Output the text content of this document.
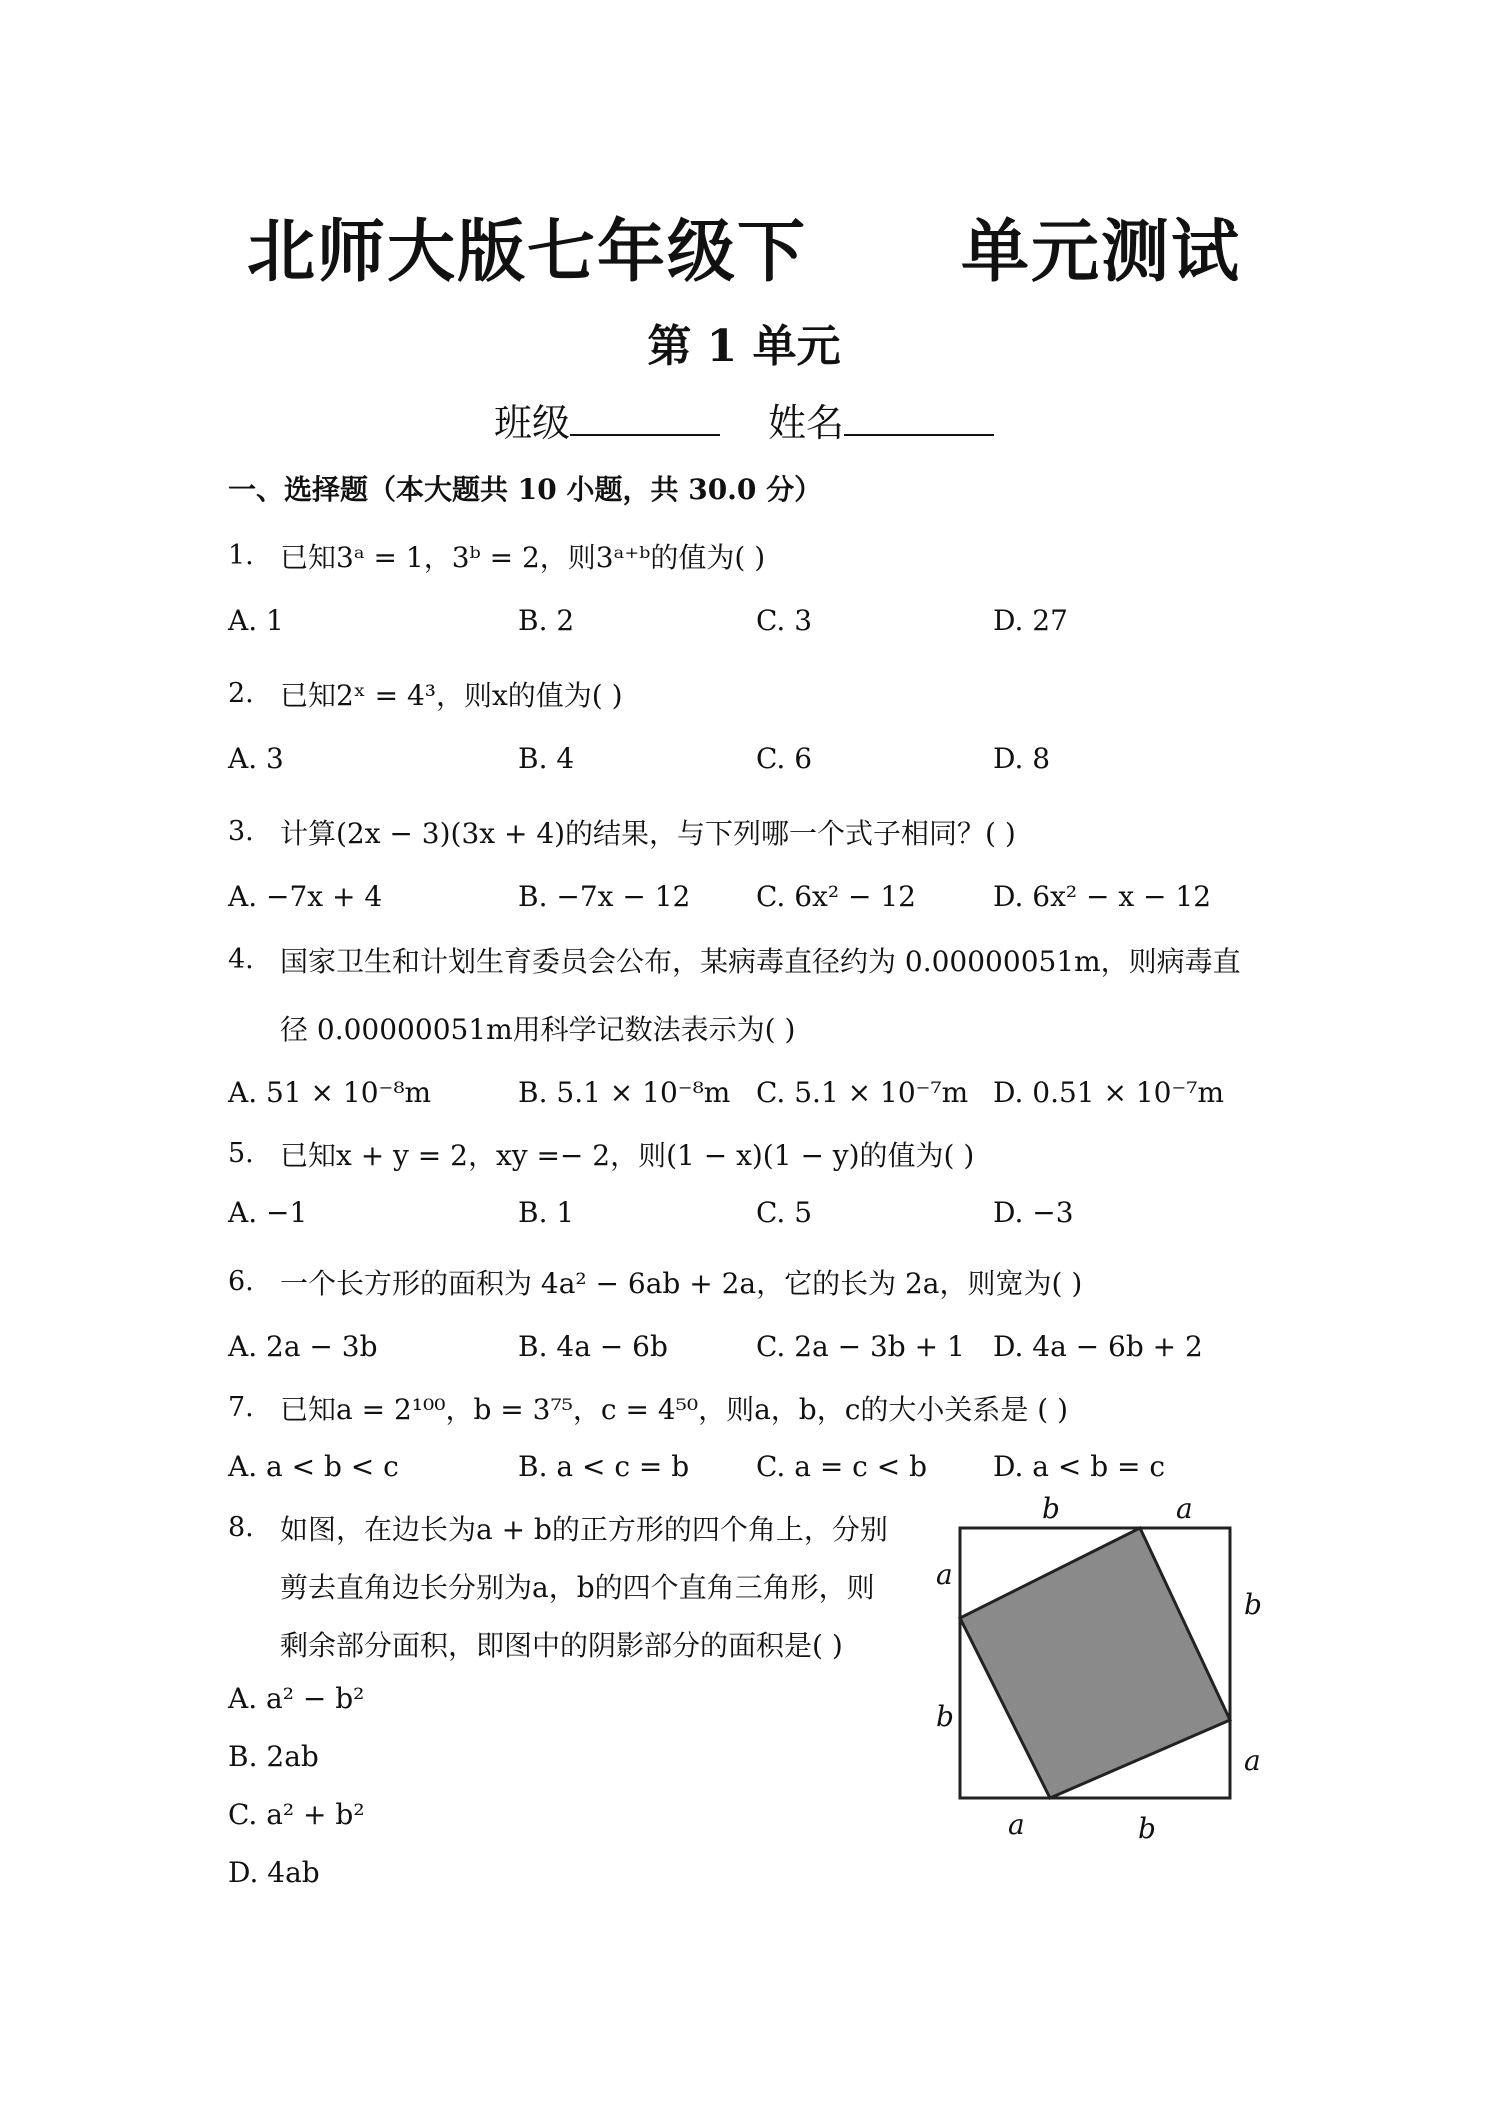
北师大版七年级下      单元测试
第 1 单元
班级	姓名
一、选择题（本大题共 10 小题，共 30.0 分）
1. 已知3ᵃ = 1，3ᵇ = 2，则3ᵃ⁺ᵇ的值为( )
A. 1	B. 2	C. 3	D. 27
2. 已知2ˣ = 4³，则x的值为( )
A. 3	B. 4	C. 6	D. 8
3. 计算(2x − 3)(3x + 4)的结果，与下列哪一个式子相同？( )
A. −7x + 4	B. −7x − 12 C. 6x² − 12	D. 6x² − x − 12
4. 国家卫生和计划生育委员会公布，某病毒直径约为 0.00000051m，则病毒直
径 0.00000051m用科学记数法表示为( )
A. 51 × 10⁻⁸m	B. 5.1 × 10⁻⁸m C. 5.1 × 10⁻⁷m D. 0.51 × 10⁻⁷m
5. 已知x + y = 2，xy =− 2，则(1 − x)(1 − y)的值为( )
A. −1	B. 1	C. 5	D. −3
6. 一个长方形的面积为 4a² − 6ab + 2a，它的长为 2a，则宽为( )
A. 2a − 3b	B. 4a − 6b	C. 2a − 3b + 1 D. 4a − 6b + 2
7. 已知a = 2¹⁰⁰，b = 3⁷⁵，c = 4⁵⁰，则a，b，c的大小关系是 ( )
A. a < b < c	B. a < c = b C. a = c < b D. a < b = c
8. 如图，在边长为a + b的正方形的四个角上，分别
剪去直角边长分别为a，b的四个直角三角形，则
剩余部分面积，即图中的阴影部分的面积是( )
A. a² − b²
B. 2ab
C. a² + b²
D. 4ab
b	a
b
a
a	b
a
b
